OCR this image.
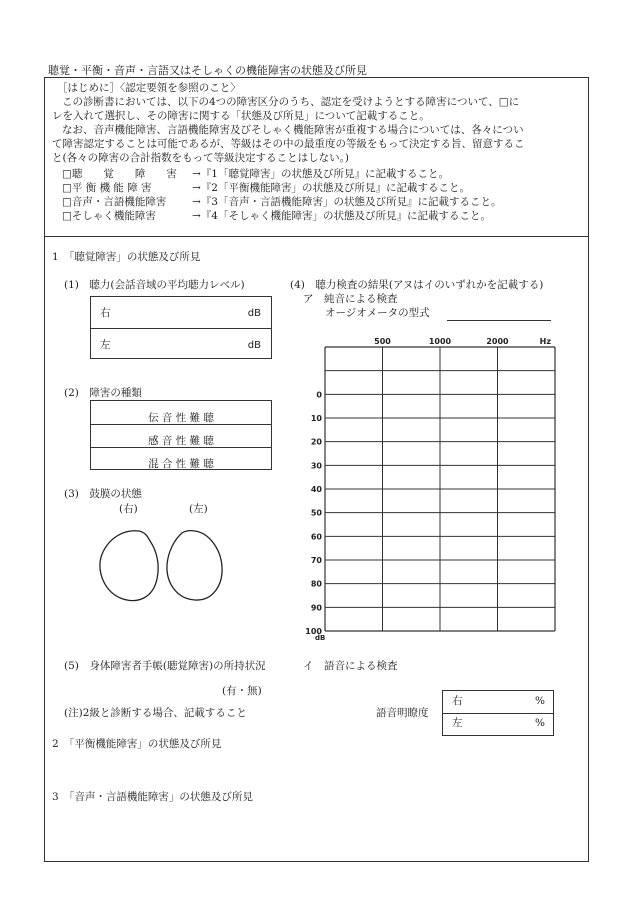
聴覚・平衡・音声・言語又はそしゃくの機能障害の状態及び所見
［はじめに］〈認定要領を参照のこと〉
この診断書においては、以下の4つの障害区分のうち、認定を受けようとする障害について、□に
レを入れて選択し、その障害に関する「状態及び所見」について記載すること。
なお、音声機能障害、言語機能障害及びそしゃく機能障害が重複する場合については、各々につい
て障害認定することは可能であるが、等級はその中の最重度の等級をもって決定する旨、留意するこ
と(各々の障害の合計指数をもって等級決定することはしない。)
□聴　　覚　　障　　害 →『1「聴覚障害」の状態及び所見』に記載すること。
□平 衡 機 能 障 害	→『2「平衡機能障害」の状態及び所見』に記載すること。
□音声・言語機能障害 →『3「音声・言語機能障害」の状態及び所見』に記載すること。
□そしゃく機能障害	→『4「そしゃく機能障害」の状態及び所見』に記載すること。
1　「聴覚障害」の状態及び所見
(1)　聴力(会話音域の平均聴力レベル)
右	dB
左	dB
(2)　障害の種類
$_{伝 音 性 難 聴}$
$_{感 音 性 難 聴}$
$_{混 合 性 難 聴}$
(3)　鼓膜の状態
(右)	(左)
(4)　聴力検査の結果(アヌはイのいずれかを記載する)
ア　純音による検査
オージオメータの型式
500	1000	2000	Hz
0
10
20
30
40
50
60
70
80
90
100
dB
(5)　身体障害者手帳(聴覚障害)の所持状況
(有・無)
(注)2級と診断する場合、記載すること
イ　語音による検査
語音明瞭度
右	%
左	%
2　「平衡機能障害」の状態及び所見
3　「音声・言語機能障害」の状態及び所見
